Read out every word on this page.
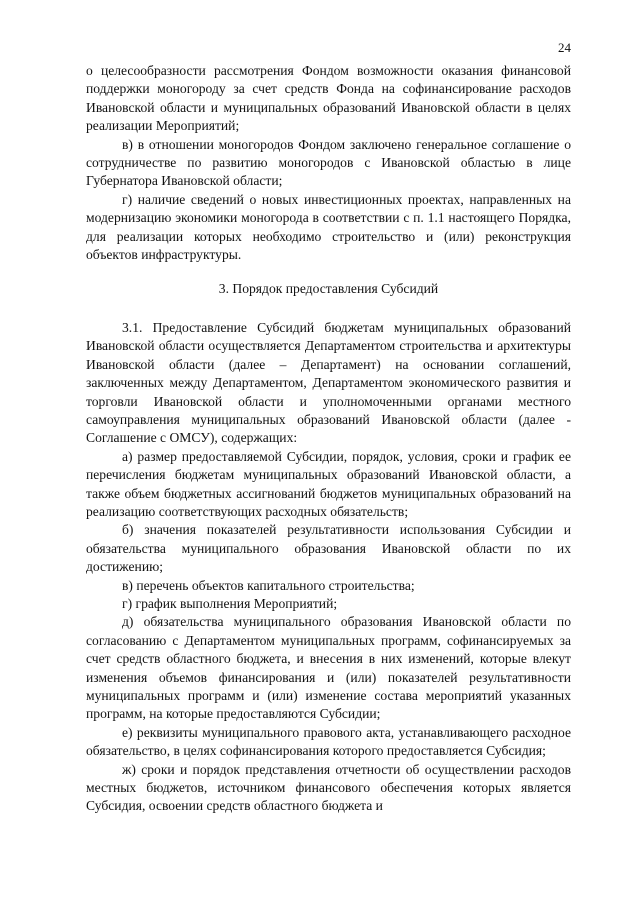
24

о целесообразности рассмотрения Фондом возможности оказания финансовой поддержки моногороду за счет средств Фонда на софинансирование расходов Ивановской области и муниципальных образований Ивановской области в целях реализации Мероприятий;

в) в отношении моногородов Фондом заключено генеральное соглашение о сотрудничестве по развитию моногородов с Ивановской областью в лице Губернатора Ивановской области;

г) наличие сведений о новых инвестиционных проектах, направленных на модернизацию экономики моногорода в соответствии с п. 1.1 настоящего Порядка, для реализации которых необходимо строительство и (или) реконструкция объектов инфраструктуры.

3. Порядок предоставления Субсидий

3.1. Предоставление Субсидий бюджетам муниципальных образований Ивановской области осуществляется Департаментом строительства и архитектуры Ивановской области (далее – Департамент) на основании соглашений, заключенных между Департаментом, Департаментом экономического развития и торговли Ивановской области и уполномоченными органами местного самоуправления муниципальных образований Ивановской области (далее - Соглашение с ОМСУ), содержащих:

а) размер предоставляемой Субсидии, порядок, условия, сроки и график ее перечисления бюджетам муниципальных образований Ивановской области, а также объем бюджетных ассигнований бюджетов муниципальных образований на реализацию соответствующих расходных обязательств;

б) значения показателей результативности использования Субсидии и обязательства муниципального образования Ивановской области по их достижению;

в) перечень объектов капитального строительства;

г) график выполнения Мероприятий;

д) обязательства муниципального образования Ивановской области по согласованию с Департаментом муниципальных программ, софинансируемых за счет средств областного бюджета, и внесения в них изменений, которые влекут изменения объемов финансирования и (или) показателей результативности муниципальных программ и (или) изменение состава мероприятий указанных программ, на которые предоставляются Субсидии;

е) реквизиты муниципального правового акта, устанавливающего расходное обязательство, в целях софинансирования которого предоставляется Субсидия;

ж) сроки и порядок представления отчетности об осуществлении расходов местных бюджетов, источником финансового обеспечения которых является Субсидия, освоении средств областного бюджета и
